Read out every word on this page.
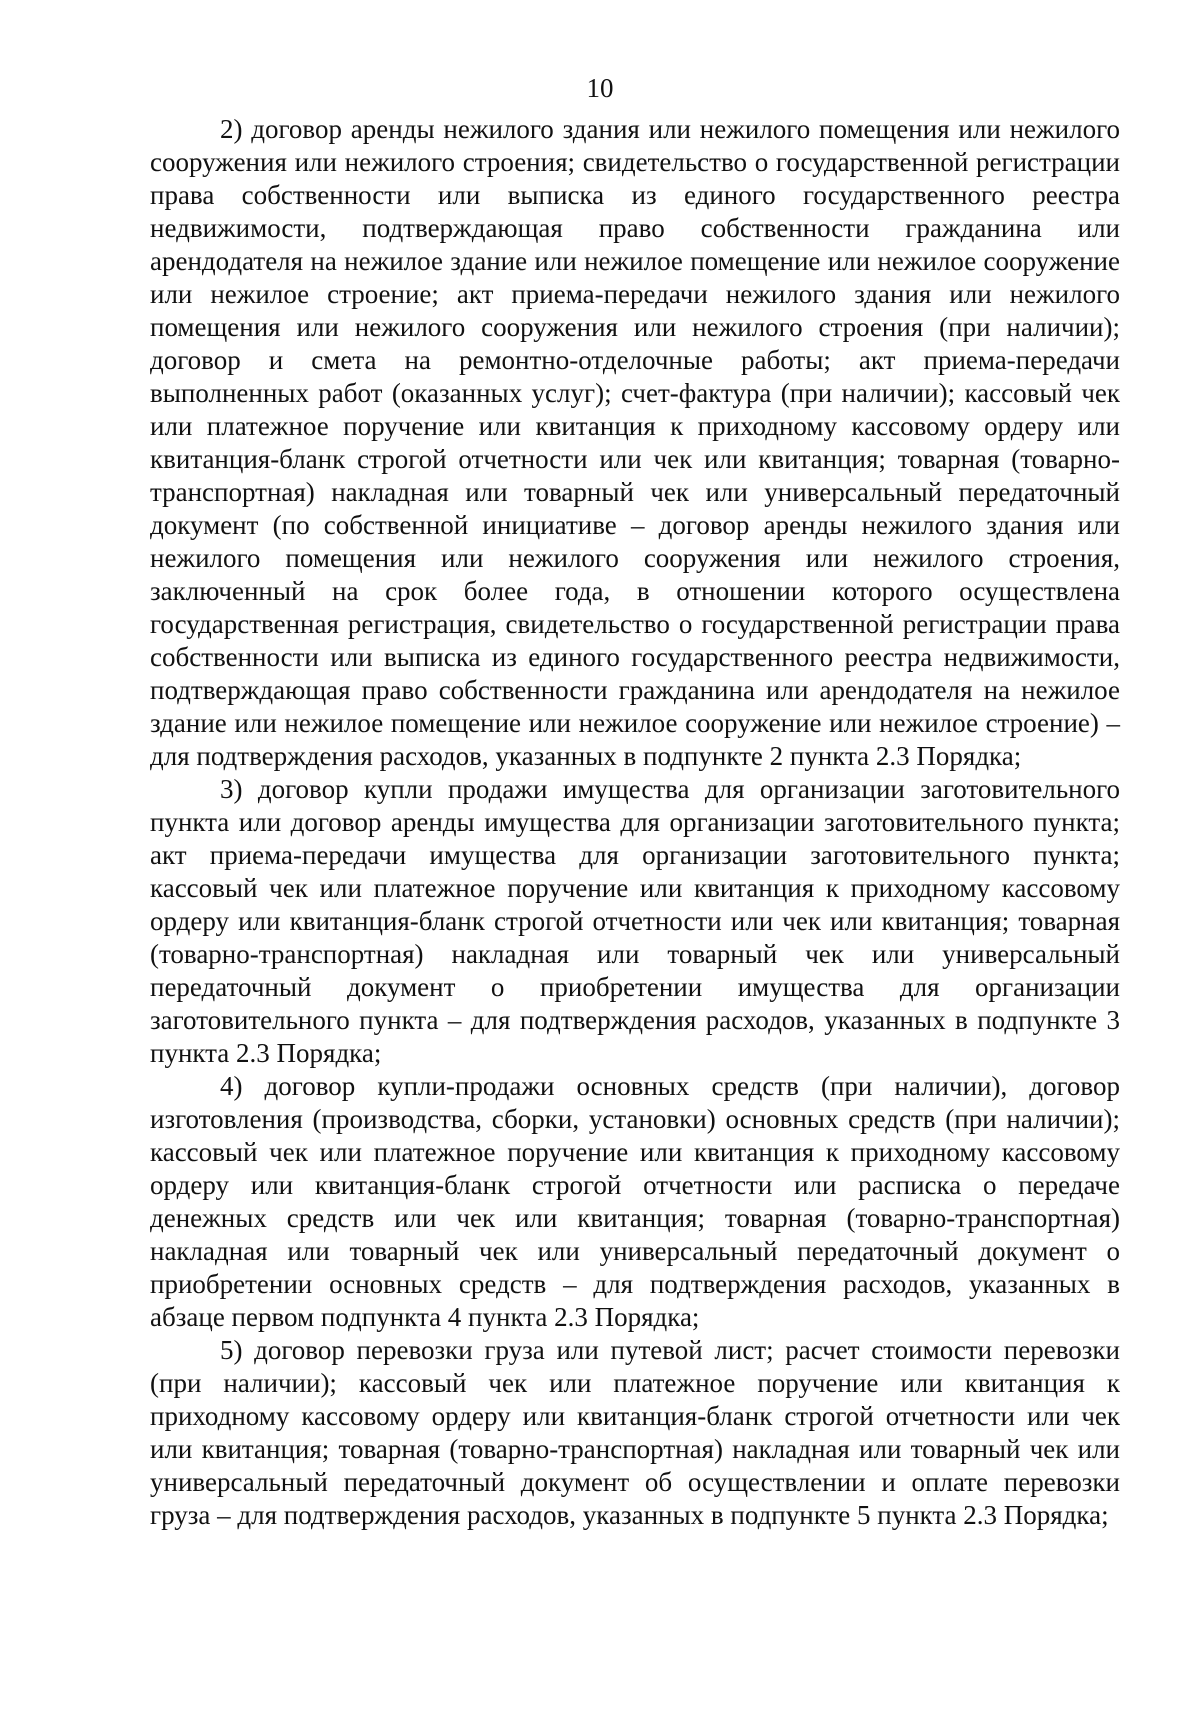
10

2) договор аренды нежилого здания или нежилого помещения или нежилого сооружения или нежилого строения; свидетельство о государственной регистрации права собственности или выписка из единого государственного реестра недвижимости, подтверждающая право собственности гражданина или арендодателя на нежилое здание или нежилое помещение или нежилое сооружение или нежилое строение; акт приема-передачи нежилого здания или нежилого помещения или нежилого сооружения или нежилого строения (при наличии); договор и смета на ремонтно-отделочные работы; акт приема-передачи выполненных работ (оказанных услуг); счет-фактура (при наличии); кассовый чек или платежное поручение или квитанция к приходному кассовому ордеру или квитанция-бланк строгой отчетности или чек или квитанция; товарная (товарно-транспортная) накладная или товарный чек или универсальный передаточный документ (по собственной инициативе – договор аренды нежилого здания или нежилого помещения или нежилого сооружения или нежилого строения, заключенный на срок более года, в отношении которого осуществлена государственная регистрация, свидетельство о государственной регистрации права собственности или выписка из единого государственного реестра недвижимости, подтверждающая право собственности гражданина или арендодателя на нежилое здание или нежилое помещение или нежилое сооружение или нежилое строение) – для подтверждения расходов, указанных в подпункте 2 пункта 2.3 Порядка;

3) договор купли продажи имущества для организации заготовительного пункта или договор аренды имущества для организации заготовительного пункта; акт приема-передачи имущества для организации заготовительного пункта; кассовый чек или платежное поручение или квитанция к приходному кассовому ордеру или квитанция-бланк строгой отчетности или чек или квитанция; товарная (товарно-транспортная) накладная или товарный чек или универсальный передаточный документ о приобретении имущества для организации заготовительного пункта – для подтверждения расходов, указанных в подпункте 3 пункта 2.3 Порядка;

4) договор купли-продажи основных средств (при наличии), договор изготовления (производства, сборки, установки) основных средств (при наличии); кассовый чек или платежное поручение или квитанция к приходному кассовому ордеру или квитанция-бланк строгой отчетности или расписка о передаче денежных средств или чек или квитанция; товарная (товарно-транспортная) накладная или товарный чек или универсальный передаточный документ о приобретении основных средств – для подтверждения расходов, указанных в абзаце первом подпункта 4 пункта 2.3 Порядка;

5) договор перевозки груза или путевой лист; расчет стоимости перевозки (при наличии); кассовый чек или платежное поручение или квитанция к приходному кассовому ордеру или квитанция-бланк строгой отчетности или чек или квитанция; товарная (товарно-транспортная) накладная или товарный чек или универсальный передаточный документ об осуществлении и оплате перевозки груза – для подтверждения расходов, указанных в подпункте 5 пункта 2.3 Порядка;
